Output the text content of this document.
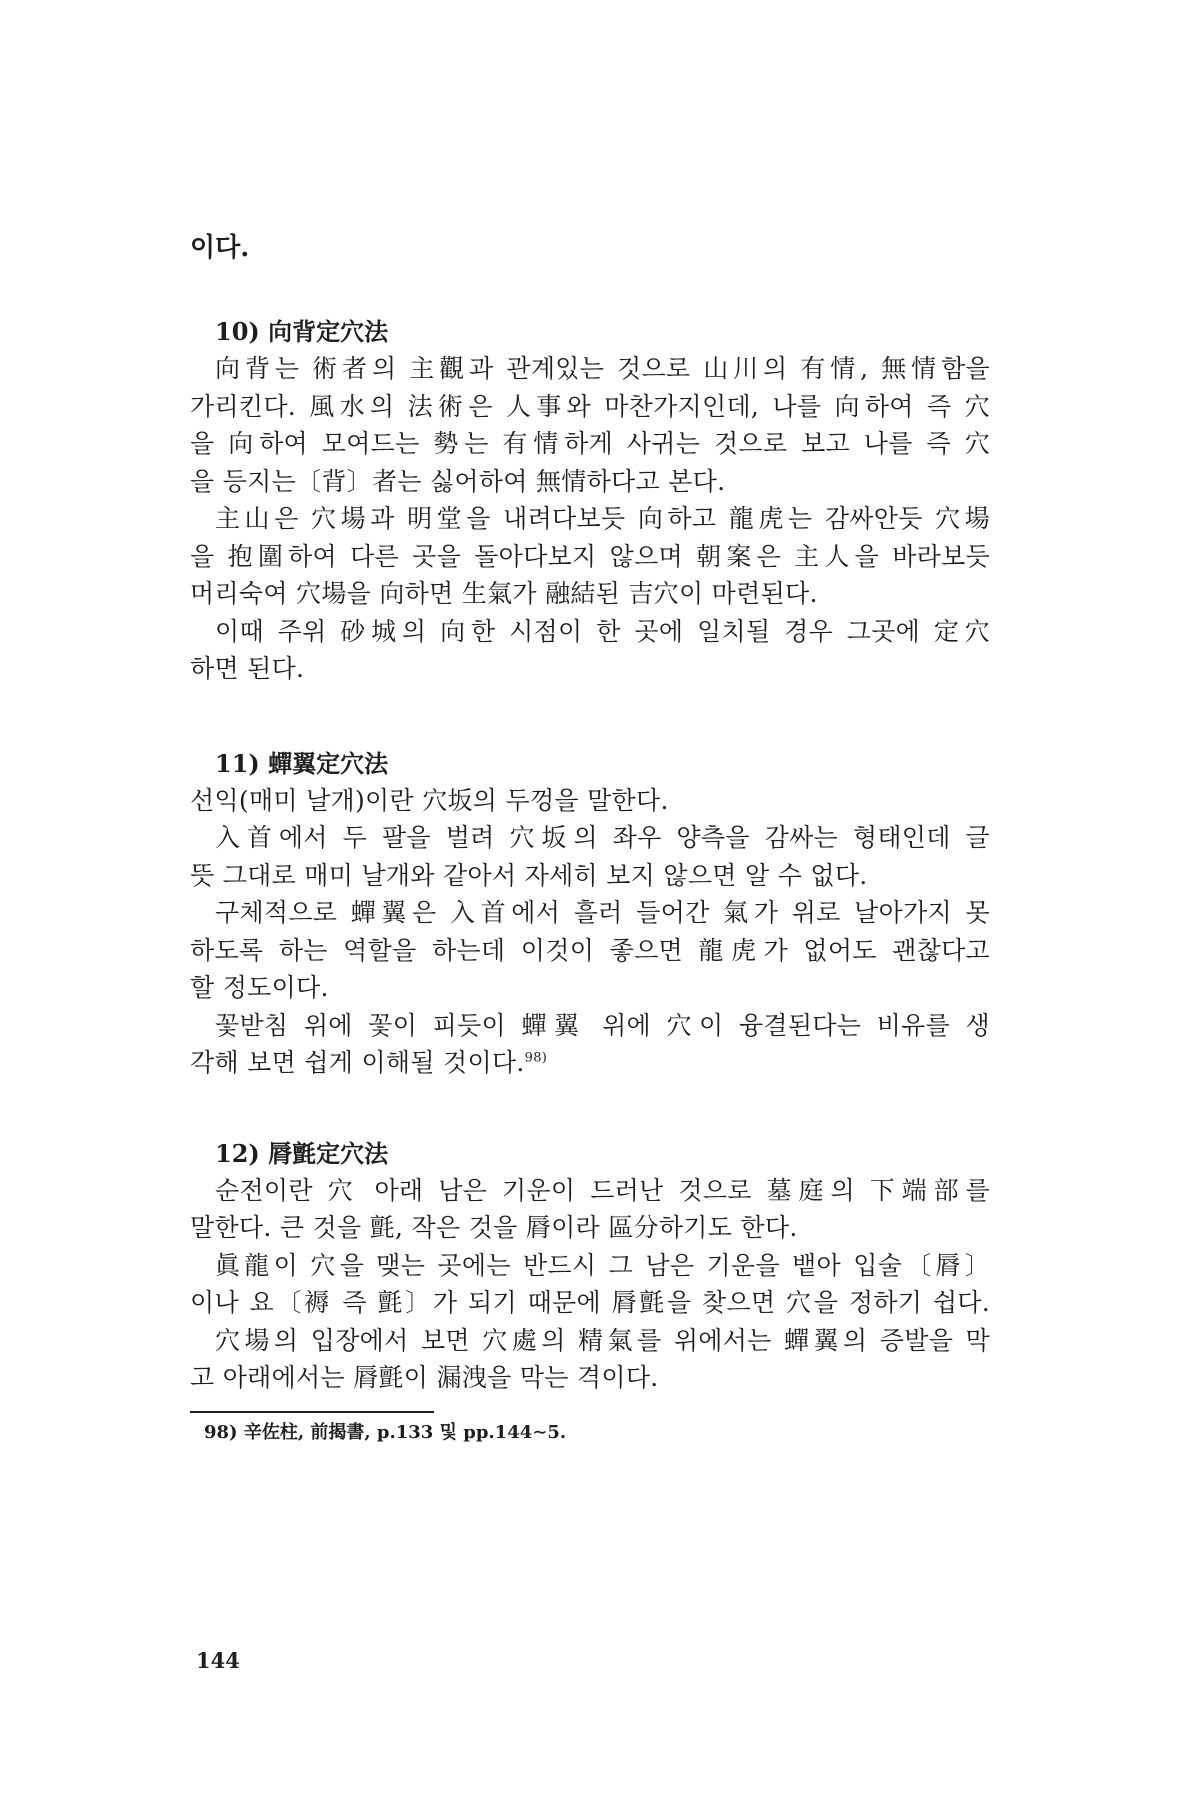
이다.
10) 向背定穴法
向背는 術者의 主觀과 관계있는 것으로 山川의 有情, 無情함을
가리킨다. 風水의 法術은 人事와 마찬가지인데, 나를 向하여 즉 穴
을 向하여 모여드는 勢는 有情하게 사귀는 것으로 보고 나를 즉 穴
을 등지는〔背〕者는 싫어하여 無情하다고 본다.
主山은 穴場과 明堂을 내려다보듯 向하고 龍虎는 감싸안듯 穴場
을 抱圍하여 다른 곳을 돌아다보지 않으며 朝案은 主人을 바라보듯
머리숙여 穴場을 向하면 生氣가 融結된 吉穴이 마련된다.
이때 주위 砂城의 向한 시점이 한 곳에 일치될 경우 그곳에 定穴
하면 된다.
11) 蟬翼定穴法
선익(매미 날개)이란 穴坂의 두껑을 말한다.
入首에서 두 팔을 벌려 穴坂의 좌우 양측을 감싸는 형태인데 글
뜻 그대로 매미 날개와 같아서 자세히 보지 않으면 알 수 없다.
구체적으로 蟬翼은 入首에서 흘러 들어간 氣가 위로 날아가지 못
하도록 하는 역할을 하는데 이것이 좋으면 龍虎가 없어도 괜찮다고
할 정도이다.
꽃받침 위에 꽃이 피듯이 蟬翼 위에 穴이 융결된다는 비유를 생
각해 보면 쉽게 이해될 것이다.$^{98)}$
12) 脣氈定穴法
순전이란 穴 아래 남은 기운이 드러난 것으로 墓庭의 下端部를
말한다. 큰 것을 氈, 작은 것을 脣이라 區分하기도 한다.
眞龍이 穴을 맺는 곳에는 반드시 그 남은 기운을 뱉아 입술〔脣〕
이나 요〔褥 즉 氈〕가 되기 때문에 脣氈을 찾으면 穴을 정하기 쉽다.
穴場의 입장에서 보면 穴處의 精氣를 위에서는 蟬翼의 증발을 막
고 아래에서는 脣氈이 漏洩을 막는 격이다.
98) 辛佐柱, 前揭書, p.133 및 pp.144∼5.
144
